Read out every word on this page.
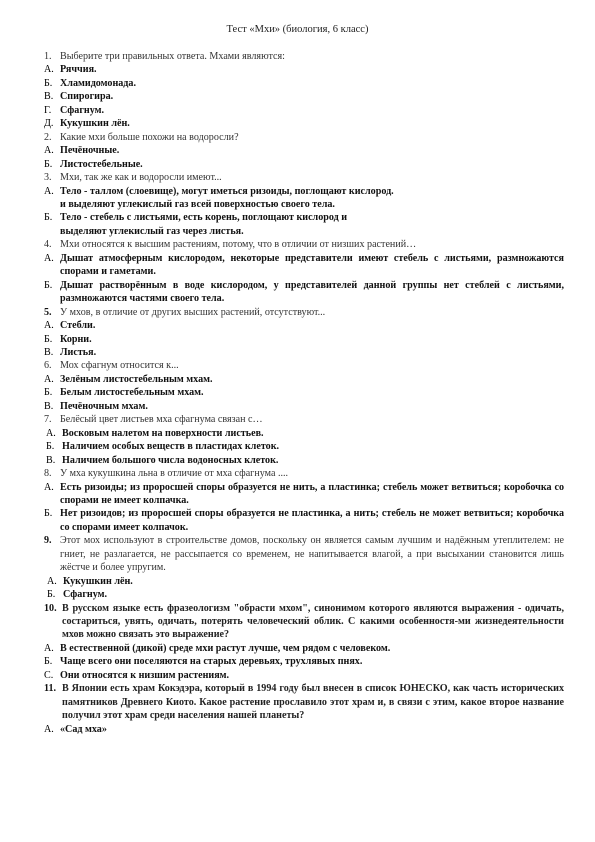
Тест «Мхи» (биология, 6 класс)
1. Выберите три правильных ответа. Мхами являются:
А. Ряччия.
Б. Хламидомонада.
В. Спирогира.
Г. Сфагнум.
Д. Кукушкин лён.
2. Какие мхи больше похожи на водоросли?
А. Печёночные.
Б. Листостебельные.
3. Мхи, так же как и водоросли имеют...
А. Тело - таллом (слоевище), могут иметься ризоиды, поглощают кислород.
и выделяют углекислый газ всей поверхностью своего тела.
Б. Тело - стебель с листьями, есть корень, поглощают кислород и
выделяют углекислый газ через листья.
4. Мхи относятся к высшим растениям, потому, что в отличии от низших растений…
А. Дышат атмосферным кислородом, некоторые представители имеют стебель с листьями, размножаются спорами и гаметами.
Б. Дышат растворённым в воде кислородом, у представителей данной группы нет стеблей с листьями, размножаются частями своего тела.
5. У мхов, в отличие от других высших растений, отсутствуют...
А. Стебли.
Б. Корни.
В. Листья.
6. Мох сфагнум относится к...
А. Зелёным листостебельным мхам.
Б. Белым листостебельным мхам.
В. Печёночным мхам.
7. Белёсый цвет листьев мха сфагнума связан с…
А. Восковым налетом на поверхности листьев.
Б. Наличием особых веществ в пластидах клеток.
В. Наличием большого числа водоносных клеток.
8. У мха кукушкина льна в отличие от мха сфагнума ....
А. Есть ризоиды; из проросшей споры образуется не нить, а пластинка; стебель может ветвиться; коробочка со спорами не имеет колпачка.
Б. Нет ризоидов; из проросшей споры образуется не пластинка, а нить; стебель не может ветвиться; коробочка со спорами имеет колпачок.
9. Этот мох используют в строительстве домов, поскольку он является самым лучшим и надёжным утеплителем: не гниет, не разлагается, не рассыпается со временем, не напитывается влагой, а при высыхании становится лишь жёстче и более упругим.
А. Кукушкин лён.
Б. Сфагнум.
10. В русском языке есть фразеологизм "обрасти мхом", синонимом которого являются выражения - одичать, состариться, увять, одичать, потерять человеческий облик. С какими особенностя-ми жизнедеятельности мхов можно связать это выражение?
А. В естественной (дикой) среде мхи растут лучше, чем рядом с человеком.
Б. Чаще всего они поселяются на старых деревьях, трухлявых пнях.
С. Они относятся к низшим растениям.
11. В Японии есть храм Кокэдэра, который в 1994 году был внесен в список ЮНЕСКО, как часть исторических памятников Древнего Киото. Какое растение прославило этот храм и, в связи с этим, какое второе название получил этот храм среди населения нашей планеты?
А. «Сад мха»
